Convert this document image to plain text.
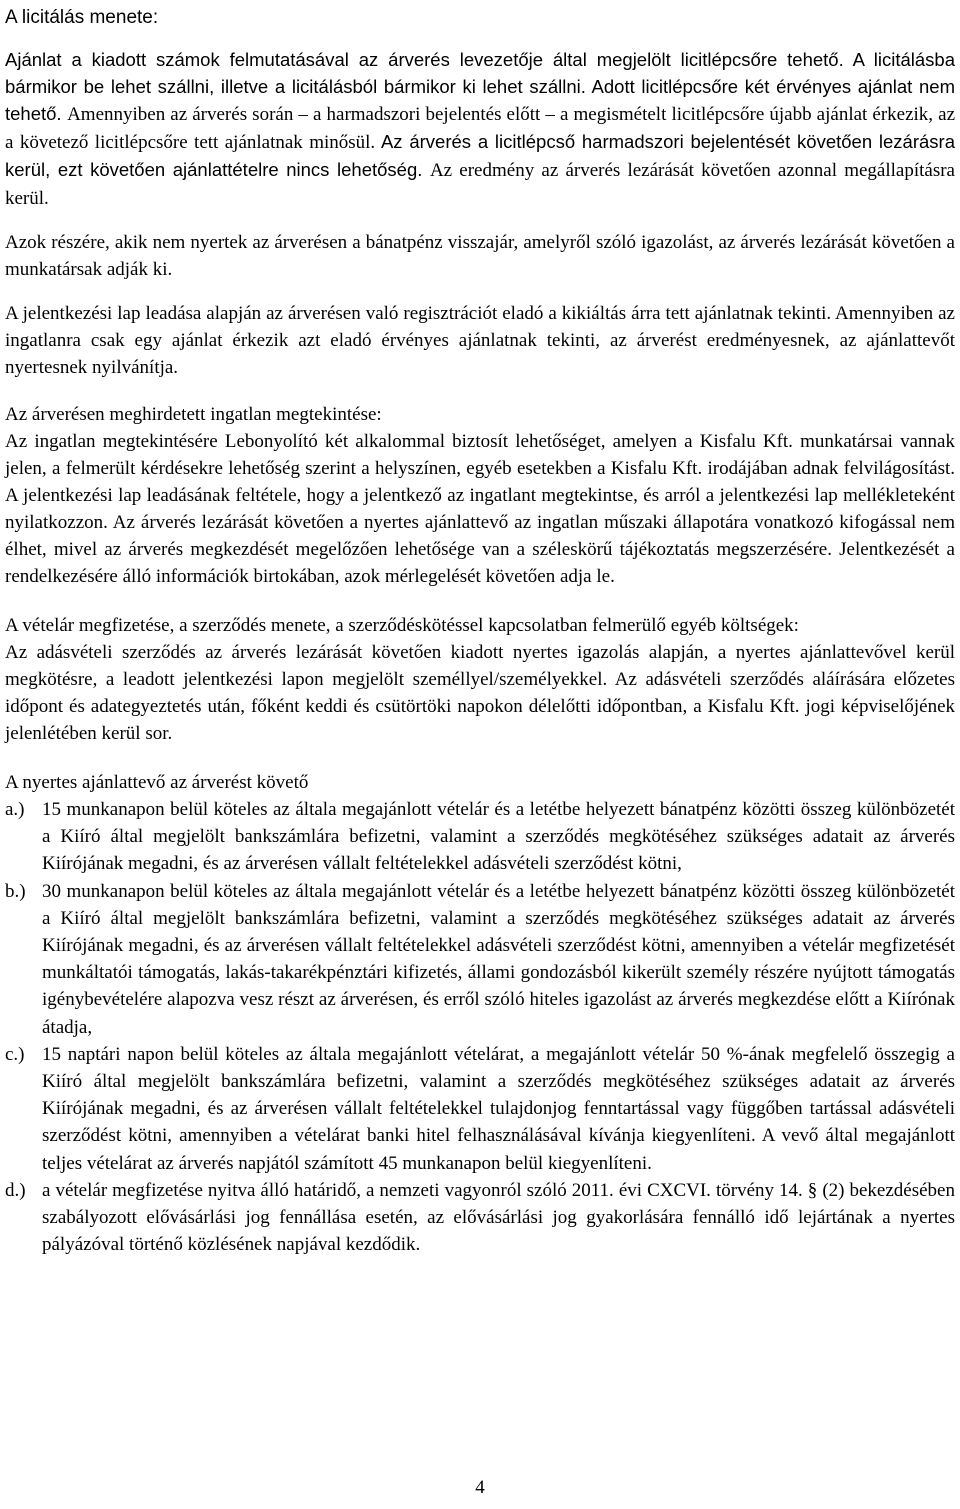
A licitálás menete:
Ajánlat a kiadott számok felmutatásával az árverés levezetője által megjelölt licitlépcsőre tehető. A licitálásba bármikor be lehet szállni, illetve a licitálásból bármikor ki lehet szállni. Adott licitlépcsőre két érvényes ajánlat nem tehető. Amennyiben az árverés során – a harmadszori bejelentés előtt – a megismételt licitlépcsőre újabb ajánlat érkezik, az a követező licitlépcsőre tett ajánlatnak minősül. Az árverés a licitlépcső harmadszori bejelentését követően lezárásra kerül, ezt követően ajánlattételre nincs lehetőség. Az eredmény az árverés lezárását követően azonnal megállapításra kerül.

Azok részére, akik nem nyertek az árverésen a bánatpénz visszajár, amelyről szóló igazolást, az árverés lezárását követően a munkatársak adják ki.

A jelentkezési lap leadása alapján az árverésen való regisztrációt eladó a kikiáltás árra tett ajánlatnak tekinti. Amennyiben az ingatlanra csak egy ajánlat érkezik azt eladó érvényes ajánlatnak tekinti, az árverést eredményesnek, az ajánlattevőt nyertesnek nyilvánítja.

Az árverésen meghirdetett ingatlan megtekintése:

Az ingatlan megtekintésére Lebonyolító két alkalommal biztosít lehetőséget, amelyen a Kisfalu Kft. munkatársai vannak jelen, a felmerült kérdésekre lehetőség szerint a helyszínen, egyéb esetekben a Kisfalu Kft. irodájában adnak felvilágosítást. A jelentkezési lap leadásának feltétele, hogy a jelentkező az ingatlant megtekintse, és arról a jelentkezési lap mellékleteként nyilatkozzon. Az árverés lezárását követően a nyertes ajánlattevő az ingatlan műszaki állapotára vonatkozó kifogással nem élhet, mivel az árverés megkezdését megelőzően lehetősége van a széleskörű tájékoztatás megszerzésére. Jelentkezését a rendelkezésére álló információk birtokában, azok mérlegelését követően adja le.

A vételár megfizetése, a szerződés menete, a szerződéskötéssel kapcsolatban felmerülő egyéb költségek:

Az adásvételi szerződés az árverés lezárását követően kiadott nyertes igazolás alapján, a nyertes ajánlattevővel kerül megkötésre, a leadott jelentkezési lapon megjelölt személlyel/személyekkel. Az adásvételi szerződés aláírására előzetes időpont és adategyeztetés után, főként keddi és csütörtöki napokon délelőtti időpontban, a Kisfalu Kft. jogi képviselőjének jelenlétében kerül sor.

A nyertes ajánlattevő az árverést követő
a.) 15 munkanapon belül köteles az általa megajánlott vételár és a letétbe helyezett bánatpénz közötti összeg különbözetét a Kiíró által megjelölt bankszámlára befizetni, valamint a szerződés megkötéséhez szükséges adatait az árverés Kiírójának megadni, és az árverésen vállalt feltételekkel adásvételi szerződést kötni,
b.) 30 munkanapon belül köteles az általa megajánlott vételár és a letétbe helyezett bánatpénz közötti összeg különbözetét a Kiíró által megjelölt bankszámlára befizetni, valamint a szerződés megkötéséhez szükséges adatait az árverés Kiírójának megadni, és az árverésen vállalt feltételekkel adásvételi szerződést kötni, amennyiben a vételár megfizetését munkáltatói támogatás, lakás-takarékpénztári kifizetés, állami gondozásból kikerült személy részére nyújtott támogatás igénybevételére alapozva vesz részt az árverésen, és erről szóló hiteles igazolást az árverés megkezdése előtt a Kiírónak átadja,
c.) 15 naptári napon belül köteles az általa megajánlott vételárat, a megajánlott vételár 50 %-ának megfelelő összegig a Kiíró által megjelölt bankszámlára befizetni, valamint a szerződés megkötéséhez szükséges adatait az árverés Kiírójának megadni, és az árverésen vállalt feltételekkel tulajdonjog fenntartással vagy függőben tartással adásvételi szerződést kötni, amennyiben a vételárat banki hitel felhasználásával kívánja kiegyenlíteni. A vevő által megajánlott teljes vételárat az árverés napjától számított 45 munkanapon belül kiegyenlíteni.
d.) a vételár megfizetése nyitva álló határidő, a nemzeti vagyonról szóló 2011. évi CXCVI. törvény 14. § (2) bekezdésében szabályozott elővásárlási jog fennállása esetén, az elővásárlási jog gyakorlására fennálló idő lejártának a nyertes pályázóval történő közlésének napjával kezdődik.
4
